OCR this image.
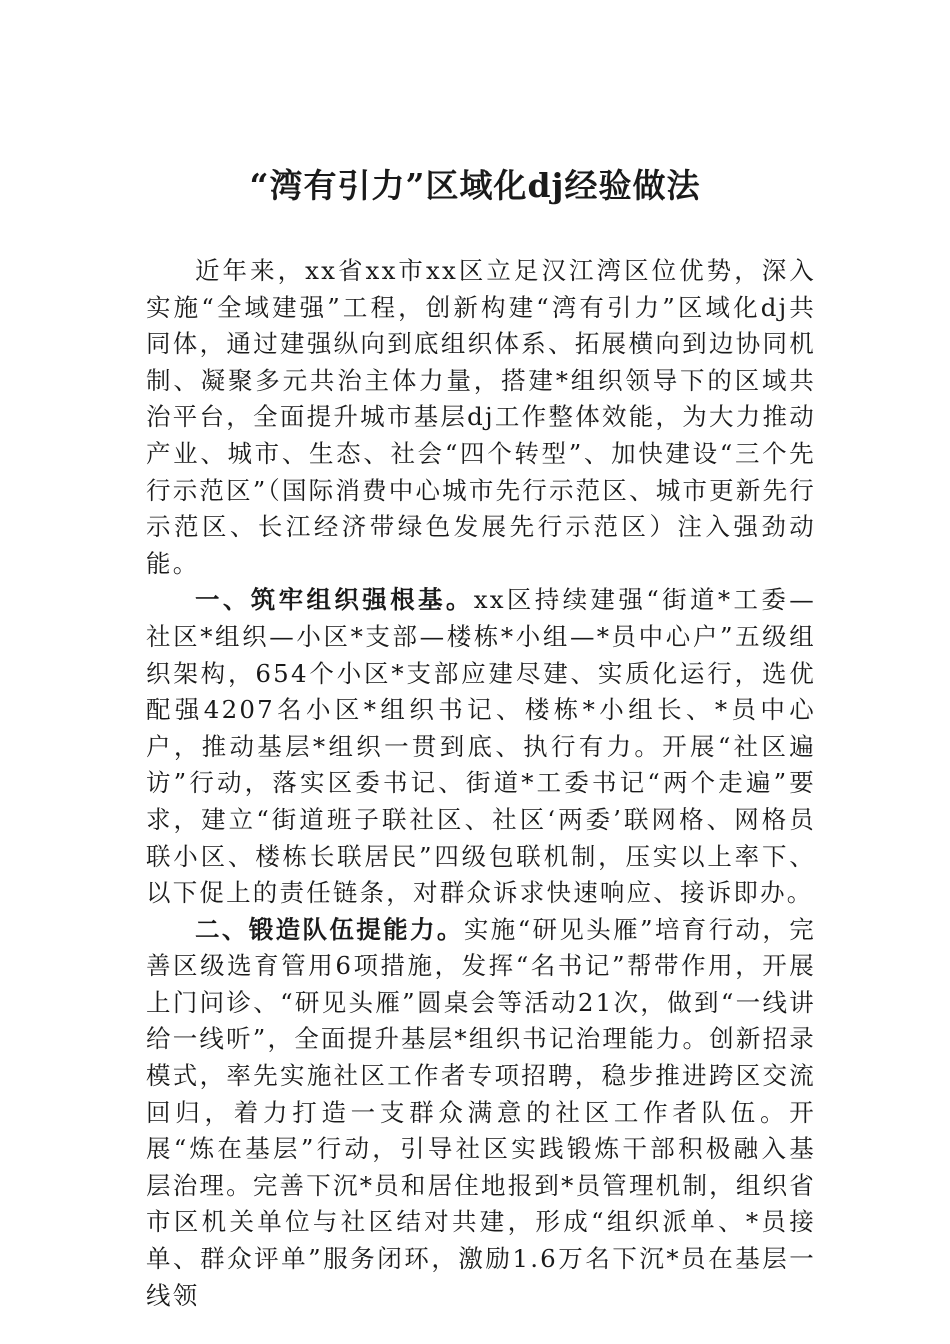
“湾有引力”区域化dj经验做法

近年来，xx省xx市xx区立足汉江湾区位优势，深入实施“全域建强”工程，创新构建“湾有引力”区域化dj共同体，通过建强纵向到底组织体系、拓展横向到边协同机制、凝聚多元共治主体力量，搭建*组织领导下的区域共治平台，全面提升城市基层dj工作整体效能，为大力推动产业、城市、生态、社会“四个转型”、加快建设“三个先行示范区”（国际消费中心城市先行示范区、城市更新先行示范区、长江经济带绿色发展先行示范区）注入强劲动能。

一、筑牢组织强根基。xx区持续建强“街道*工委—社区*组织—小区*支部—楼栋*小组—*员中心户”五级组织架构，654个小区*支部应建尽建、实质化运行，选优配强4207名小区*组织书记、楼栋*小组长、*员中心户，推动基层*组织一贯到底、执行有力。开展“社区遍访”行动，落实区委书记、街道*工委书记“两个走遍”要求，建立“街道班子联社区、社区‘两委’联网格、网格员联小区、楼栋长联居民”四级包联机制，压实以上率下、以下促上的责任链条，对群众诉求快速响应、接诉即办。

二、锻造队伍提能力。实施“研见头雁”培育行动，完善区级选育管用6项措施，发挥“名书记”帮带作用，开展上门问诊、“研见头雁”圆桌会等活动21次，做到“一线讲给一线听”，全面提升基层*组织书记治理能力。创新招录模式，率先实施社区工作者专项招聘，稳步推进跨区交流回归，着力打造一支群众满意的社区工作者队伍。开展“炼在基层”行动，引导社区实践锻炼干部积极融入基层治理。完善下沉*员和居住地报到*员管理机制，组织省市区机关单位与社区结对共建，形成“组织派单、*员接单、群众评单”服务闭环，激励1.6万名下沉*员在基层一线领
